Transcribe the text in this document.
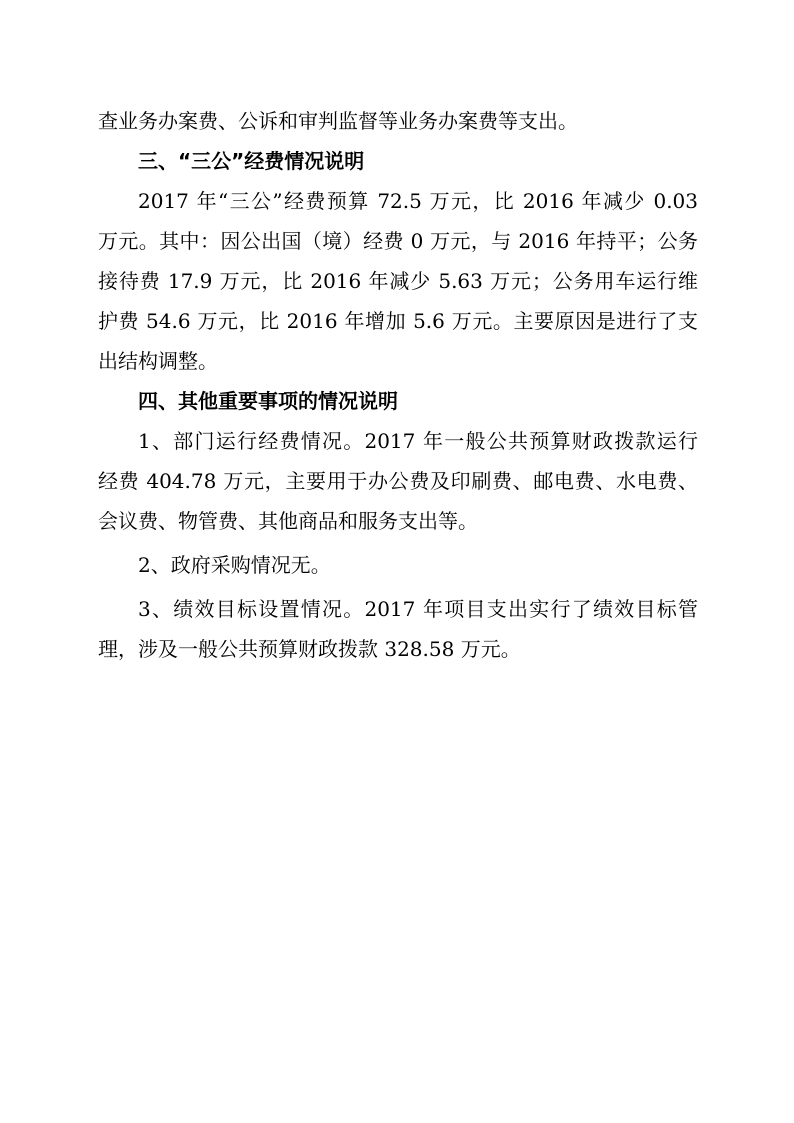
查业务办案费、公诉和审判监督等业务办案费等支出。
三、“三公”经费情况说明
2017 年“三公”经费预算 72.5 万元，比 2016 年减少 0.03
万元。其中：因公出国（境）经费 0 万元，与 2016 年持平；公务
接待费 17.9 万元，比 2016 年减少 5.63 万元；公务用车运行维
护费 54.6 万元，比 2016 年增加 5.6 万元。主要原因是进行了支
出结构调整。
四、其他重要事项的情况说明
1、部门运行经费情况。2017 年一般公共预算财政拨款运行
经费 404.78 万元，主要用于办公费及印刷费、邮电费、水电费、
会议费、物管费、其他商品和服务支出等。
2、政府采购情况无。
3、绩效目标设置情况。2017 年项目支出实行了绩效目标管
理，涉及一般公共预算财政拨款 328.58 万元。
